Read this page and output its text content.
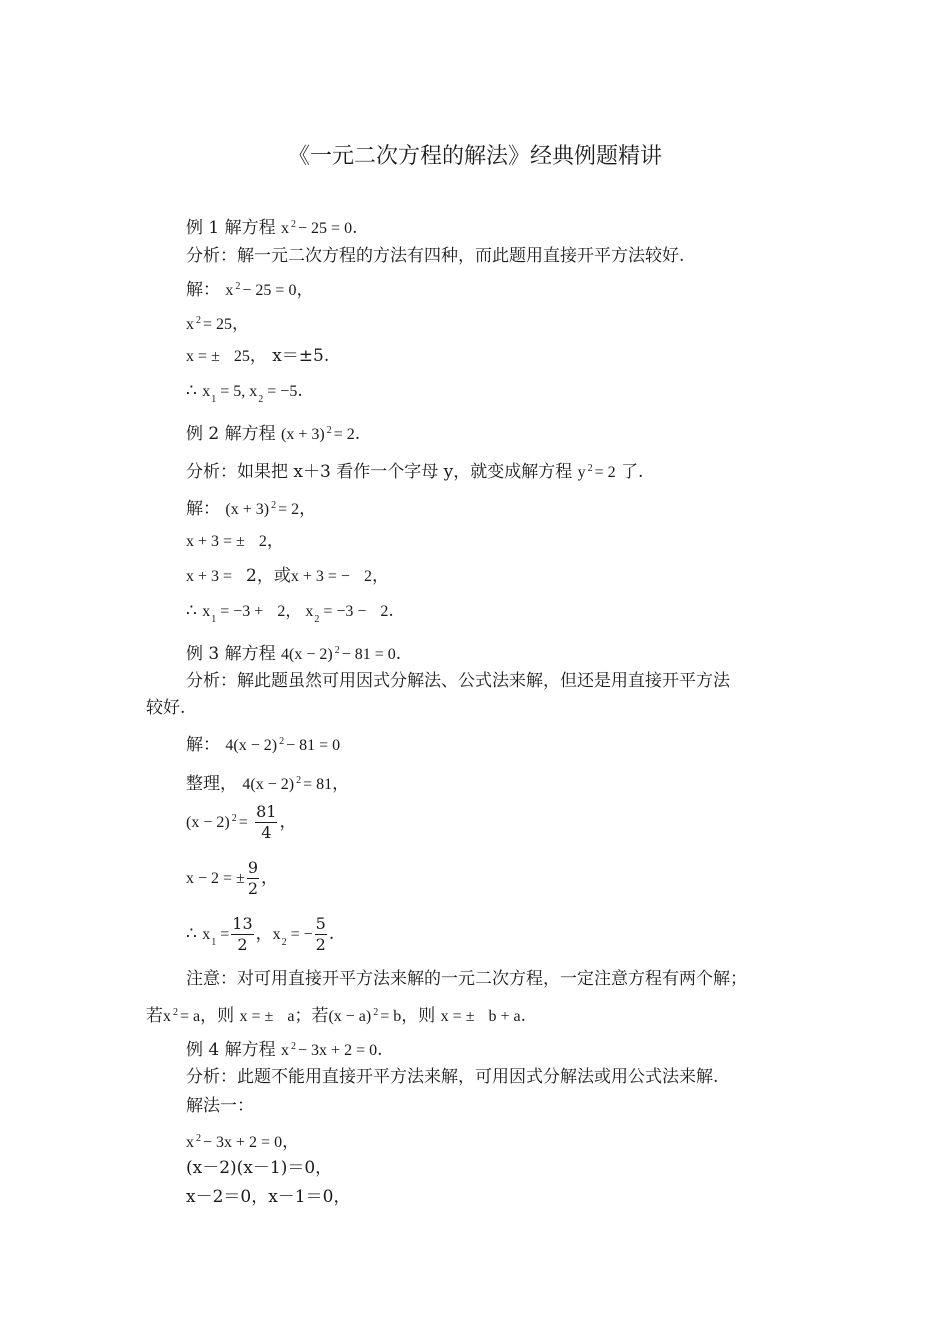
《一元二次方程的解法》经典例题精讲
例 1 解方程 x $^2$ − 25 = 0.
分析：解一元二次方程的方法有四种，而此题用直接开平方法较好.
解： x $^2$ − 25 = 0，
x $^2$ = 25，
x = ± 25， x＝±5.
∴ $x_1 = 5$, $x_2 = -5$.
例 2 解方程 (x + 3) $^2$ = 2.
分析：如果把 x＋3 看作一个字母 y，就变成解方程 y $^2$ = 2 了.
解： (x + 3) $^2$ = 2，
x + 3 = ± 2，
x + 3 = 2，或x + 3 = − 2，
∴ $x_1 = -3 + 2$， $x_2 = -3 - 2$.
例 3 解方程 4(x − 2) $^2$ − 81 = 0.
分析：解此题虽然可用因式分解法、公式法来解，但还是用直接开平方法
较好.
解： 4(x − 2) $^2$ − 81 = 0
整理， 4(x − 2) $^2$ = 81，
(x − 2) $^2 = \frac{81}{4}$ ，
x − 2 = ± $\frac{9}{2}$ ，
∴ $x_1 = \frac{13}{2}$ ，$x_2$ = − $\frac{5}{2}$ .
注意：对可用直接开平方法来解的一元二次方程，一定注意方程有两个解；
若x $^2$ = a，则 x = ± a；若(x − a) $^2$ = b，则 x = ± b + a.
例 4 解方程 x $^2$ − 3x + 2 = 0.
分析：此题不能用直接开平方法来解，可用因式分解法或用公式法来解.
解法一：
x $^2$ − 3x + 2 = 0，
(x－2)(x－1)＝0，
x－2＝0，x－1＝0，
